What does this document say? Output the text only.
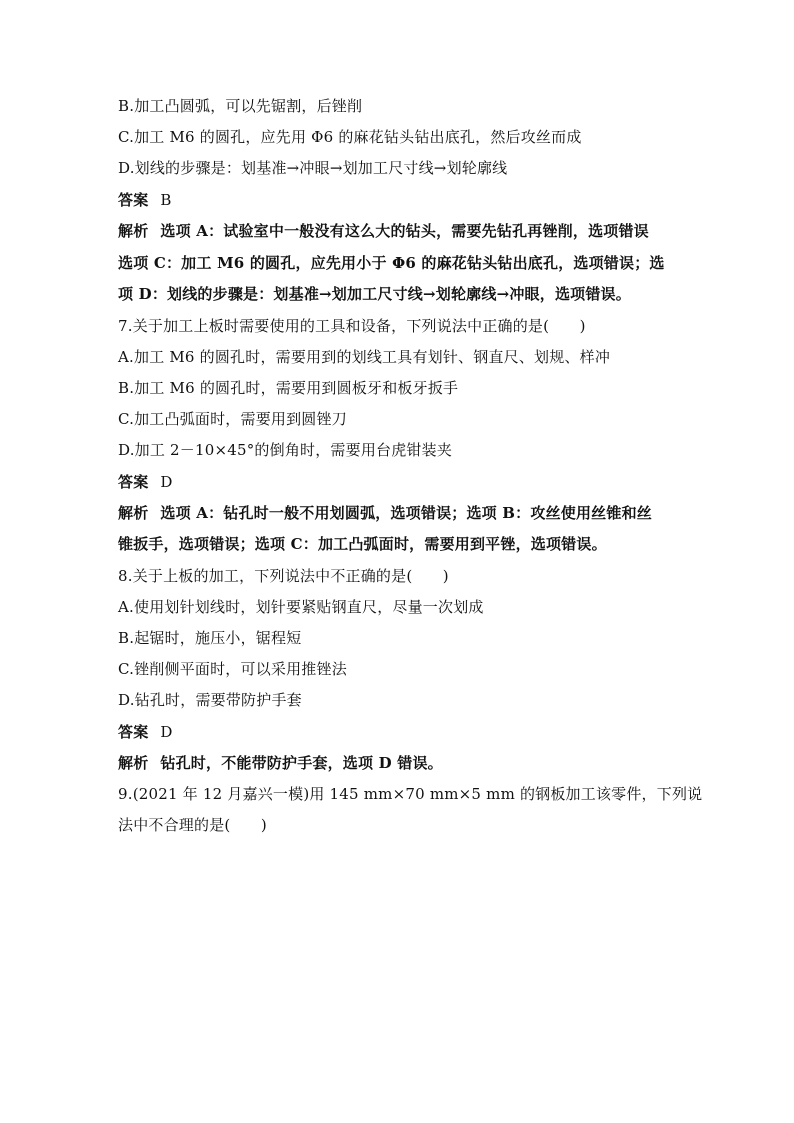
B.加工凸圆弧，可以先锯割，后锉削
C.加工 M6 的圆孔，应先用 Φ6 的麻花钻头钻出底孔，然后攻丝而成
D.划线的步骤是：划基准→冲眼→划加工尺寸线→划轮廓线
答案 B
解析 选项 A：试验室中一般没有这么大的钻头，需要先钻孔再锉削，选项错误
选项 C：加工 M6 的圆孔，应先用小于 Φ6 的麻花钻头钻出底孔，选项错误；选
项 D：划线的步骤是：划基准→划加工尺寸线→划轮廓线→冲眼，选项错误。
7.关于加工上板时需要使用的工具和设备，下列说法中正确的是(　　)
A.加工 M6 的圆孔时，需要用到的划线工具有划针、钢直尺、划规、样冲
B.加工 M6 的圆孔时，需要用到圆板牙和板牙扳手
C.加工凸弧面时，需要用到圆锉刀
D.加工 2－10×45°的倒角时，需要用台虎钳装夹
答案 D
解析 选项 A：钻孔时一般不用划圆弧，选项错误；选项 B：攻丝使用丝锥和丝
锥扳手，选项错误；选项 C：加工凸弧面时，需要用到平锉，选项错误。
8.关于上板的加工，下列说法中不正确的是(　　)
A.使用划针划线时，划针要紧贴钢直尺，尽量一次划成
B.起锯时，施压小，锯程短
C.锉削侧平面时，可以采用推锉法
D.钻孔时，需要带防护手套
答案 D
解析 钻孔时，不能带防护手套，选项 D 错误。
9.(2021 年 12 月嘉兴一模)用 145 mm×70 mm×5 mm 的钢板加工该零件，下列说
法中不合理的是(　　)
